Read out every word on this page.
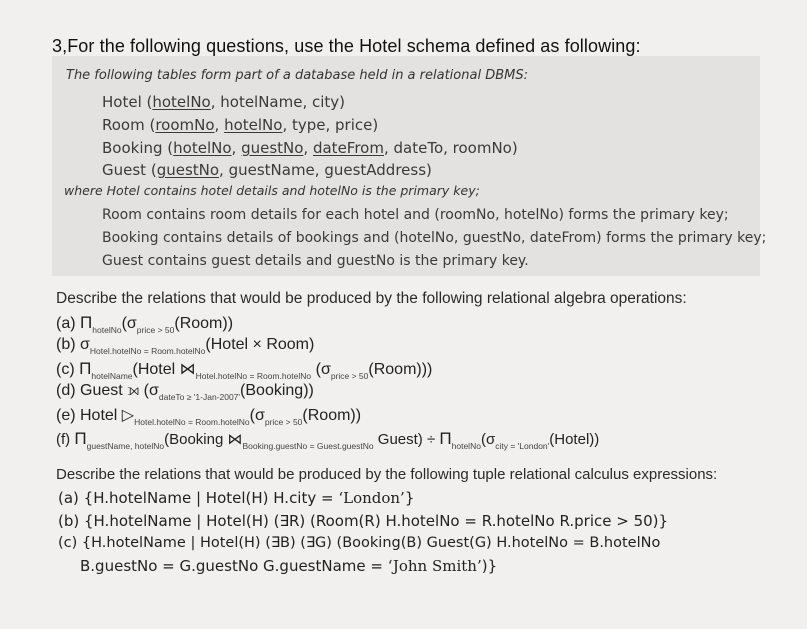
3,For the following questions, use the Hotel schema defined as following:
The following tables form part of a database held in a relational DBMS:
Hotel (hotelNo, hotelName, city)
Room (roomNo, hotelNo, type, price)
Booking (hotelNo, guestNo, dateFrom, dateTo, roomNo)
Guest (guestNo, guestName, guestAddress)
where Hotel contains hotel details and hotelNo is the primary key;
Room contains room details for each hotel and (roomNo, hotelNo) forms the primary key;
Booking contains details of bookings and (hotelNo, guestNo, dateFrom) forms the primary key;
Guest contains guest details and guestNo is the primary key.
Describe the relations that would be produced by the following relational algebra operations:
(a) $\Pi_{hotelNo}(\sigma_{price > 50}(Room))$
(b) $\sigma_{Hotel.hotelNo = Room.hotelNo}(Hotel$ × Room)
(c) $\Pi_{hotelName}(Hotel$ $⋈_{Hotel.hotelNo = Room.hotelNo}$ $(\sigma_{price > 50}(Room))$)
(d) Guest ⟕ $(\sigma_{dateTo \ge '1-Jan-2007'}(Booking))$
(e) Hotel $▷_{Hotel.hotelNo = Room.hotelNo}(\sigma_{price > 50}(Room))$
(f) $\Pi_{guestName, hotelNo}(Booking$ $⋈_{Booking.guestNo = Guest.guestNo}$ Guest) ÷ $\Pi_{hotelNo}(\sigma_{city = 'London'}(Hotel))$
Describe the relations that would be produced by the following tuple relational calculus expressions:
(a) {H.hotelName | Hotel(H) H.city = ‘London’}
(b) {H.hotelName | Hotel(H) (∃R) (Room(R) H.hotelNo = R.hotelNo R.price > 50)}
(c) {H.hotelName | Hotel(H) (∃B) (∃G) (Booking(B) Guest(G) H.hotelNo = B.hotelNo
B.guestNo = G.guestNo G.guestName = ‘John Smith’)}
